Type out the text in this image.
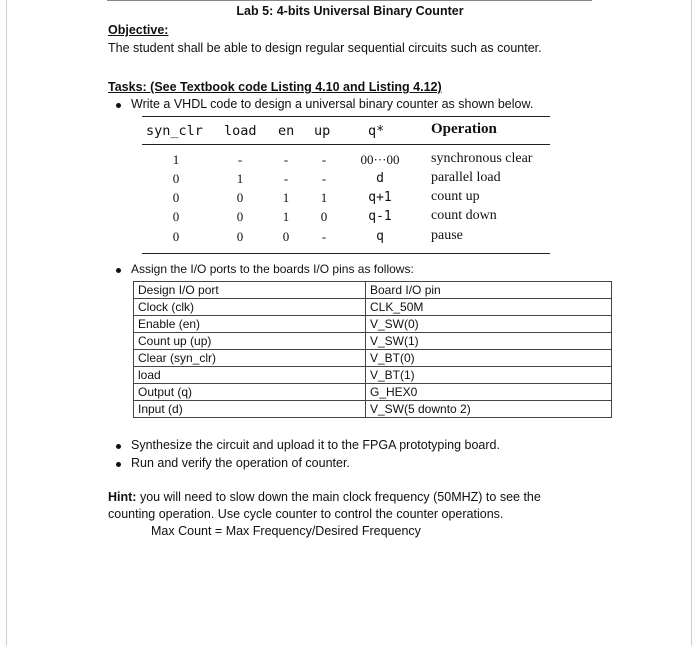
Lab 5: 4-bits Universal Binary Counter
Objective:
The student shall be able to design regular sequential circuits such as counter.
Tasks: (See Textbook code Listing 4.10 and Listing 4.12)
Write a VHDL code to design a universal binary counter as shown below.
syn_clr load en up	q*	Operation
1	-	-	-	00···00	synchronous clear
0	1	-	-	d	parallel load
0	0	1	1	q+1	count up
0	0	1	0	q-1	count down
0	0	0	-	q	pause
Assign the I/O ports to the boards I/O pins as follows:
Design I/O port	Board I/O pin
Clock (clk)	CLK_50M
Enable (en)	V_SW(0)
Count up (up)	V_SW(1)
Clear (syn_clr)	V_BT(0)
load	V_BT(1)
Output (q)	G_HEX0
Input (d)	V_SW(5 downto 2)
Synthesize the circuit and upload it to the FPGA prototyping board.
Run and verify the operation of counter.
Hint: you will need to slow down the main clock frequency (50MHZ) to see the
counting operation. Use cycle counter to control the counter operations.
Max Count = Max Frequency/Desired Frequency
